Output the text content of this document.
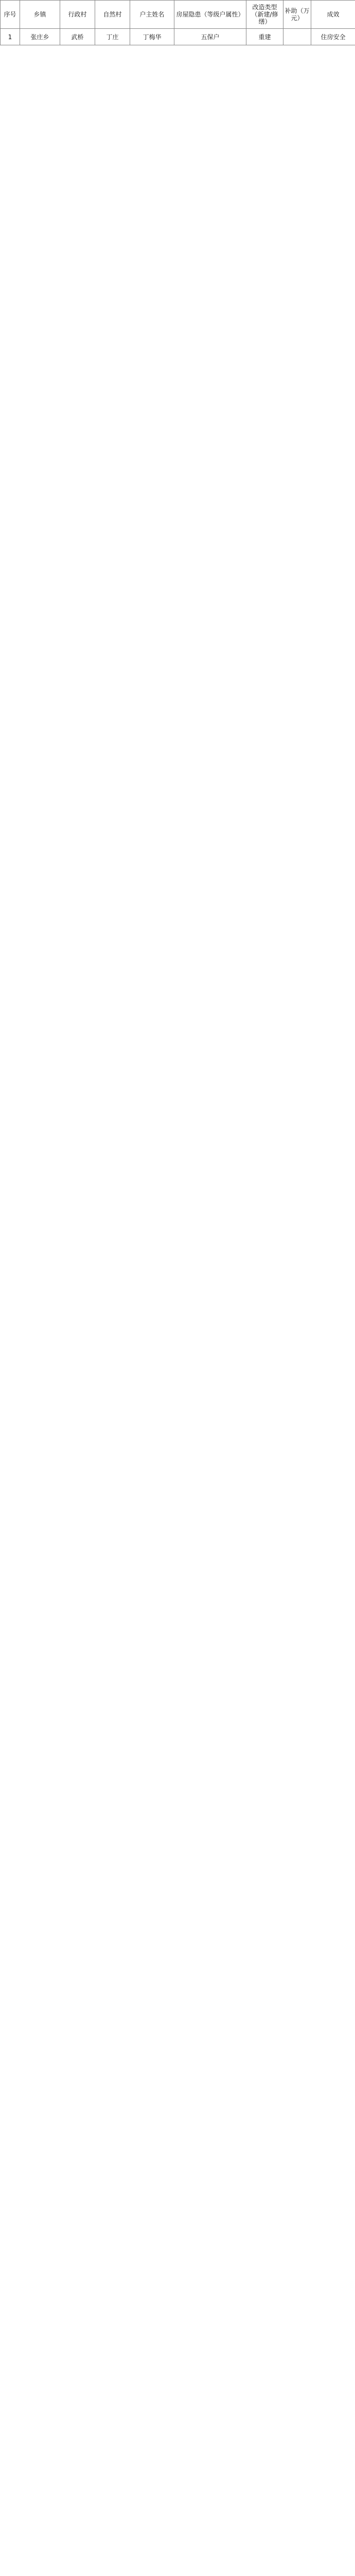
序号	乡镇	行政村	自然村	户主姓名	房屋隐患（等级户属性）	改造类型（新建/修缮）	补助（万元）	成效
1	张庄乡	武桥	丁庄	丁梅华	五保户	重建		住房安全
